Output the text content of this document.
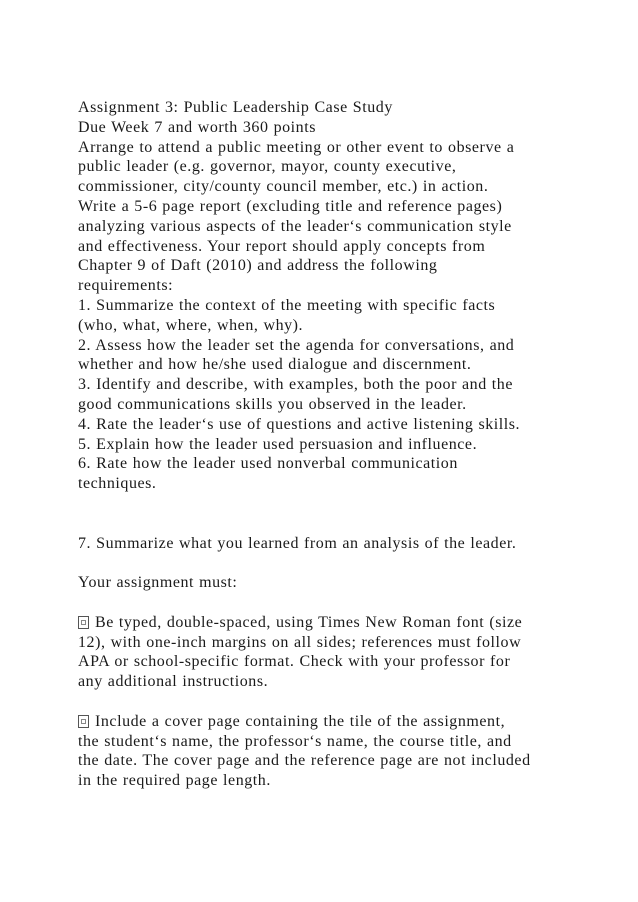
Assignment 3: Public Leadership Case Study
Due Week 7 and worth 360 points
Arrange to attend a public meeting or other event to observe a
public leader (e.g. governor, mayor, county executive,
commissioner, city/county council member, etc.) in action.
Write a 5-6 page report (excluding title and reference pages)
analyzing various aspects of the leader‘s communication style
and effectiveness. Your report should apply concepts from
Chapter 9 of Daft (2010) and address the following
requirements:
1. Summarize the context of the meeting with specific facts
(who, what, where, when, why).
2. Assess how the leader set the agenda for conversations, and
whether and how he/she used dialogue and discernment.
3. Identify and describe, with examples, both the poor and the
good communications skills you observed in the leader.
4. Rate the leader‘s use of questions and active listening skills.
5. Explain how the leader used persuasion and influence.
6. Rate how the leader used nonverbal communication
techniques.
7. Summarize what you learned from an analysis of the leader.
Your assignment must:
Be typed, double-spaced, using Times New Roman font (size
12), with one-inch margins on all sides; references must follow
APA or school-specific format. Check with your professor for
any additional instructions.
Include a cover page containing the tile of the assignment,
the student‘s name, the professor‘s name, the course title, and
the date. The cover page and the reference page are not included
in the required page length.
